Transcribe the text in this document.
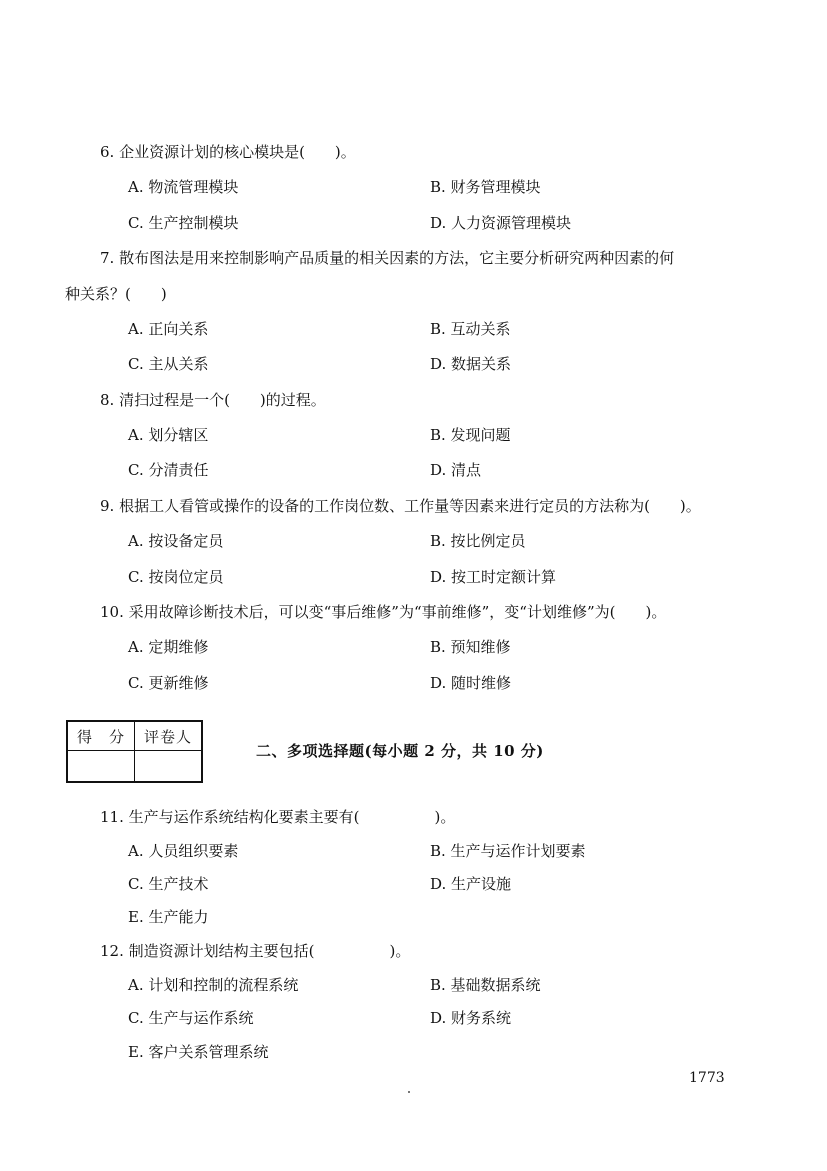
6. 企业资源计划的核心模块是(　　)。
A. 物流管理模块	B. 财务管理模块
C. 生产控制模块	D. 人力资源管理模块
7. 散布图法是用来控制影响产品质量的相关因素的方法，它主要分析研究两种因素的何
种关系？(　　)
A. 正向关系	B. 互动关系
C. 主从关系	D. 数据关系
8. 清扫过程是一个(　　)的过程。
A. 划分辖区	B. 发现问题
C. 分清责任	D. 清点
9. 根据工人看管或操作的设备的工作岗位数、工作量等因素来进行定员的方法称为(　　)。
A. 按设备定员	B. 按比例定员
C. 按岗位定员	D. 按工时定额计算
10. 采用故障诊断技术后，可以变“事后维修”为“事前维修”，变“计划维修”为(　　)。
A. 定期维修	B. 预知维修
C. 更新维修	D. 随时维修
得　分	评卷人

二、多项选择题(每小题 2 分，共 10 分)
11. 生产与运作系统结构化要素主要有(　　　　　)。
A. 人员组织要素	B. 生产与运作计划要素
C. 生产技术	D. 生产设施
E. 生产能力
12. 制造资源计划结构主要包括(　　　　　)。
A. 计划和控制的流程系统	B. 基础数据系统
C. 生产与运作系统	D. 财务系统
E. 客户关系管理系统
1773
